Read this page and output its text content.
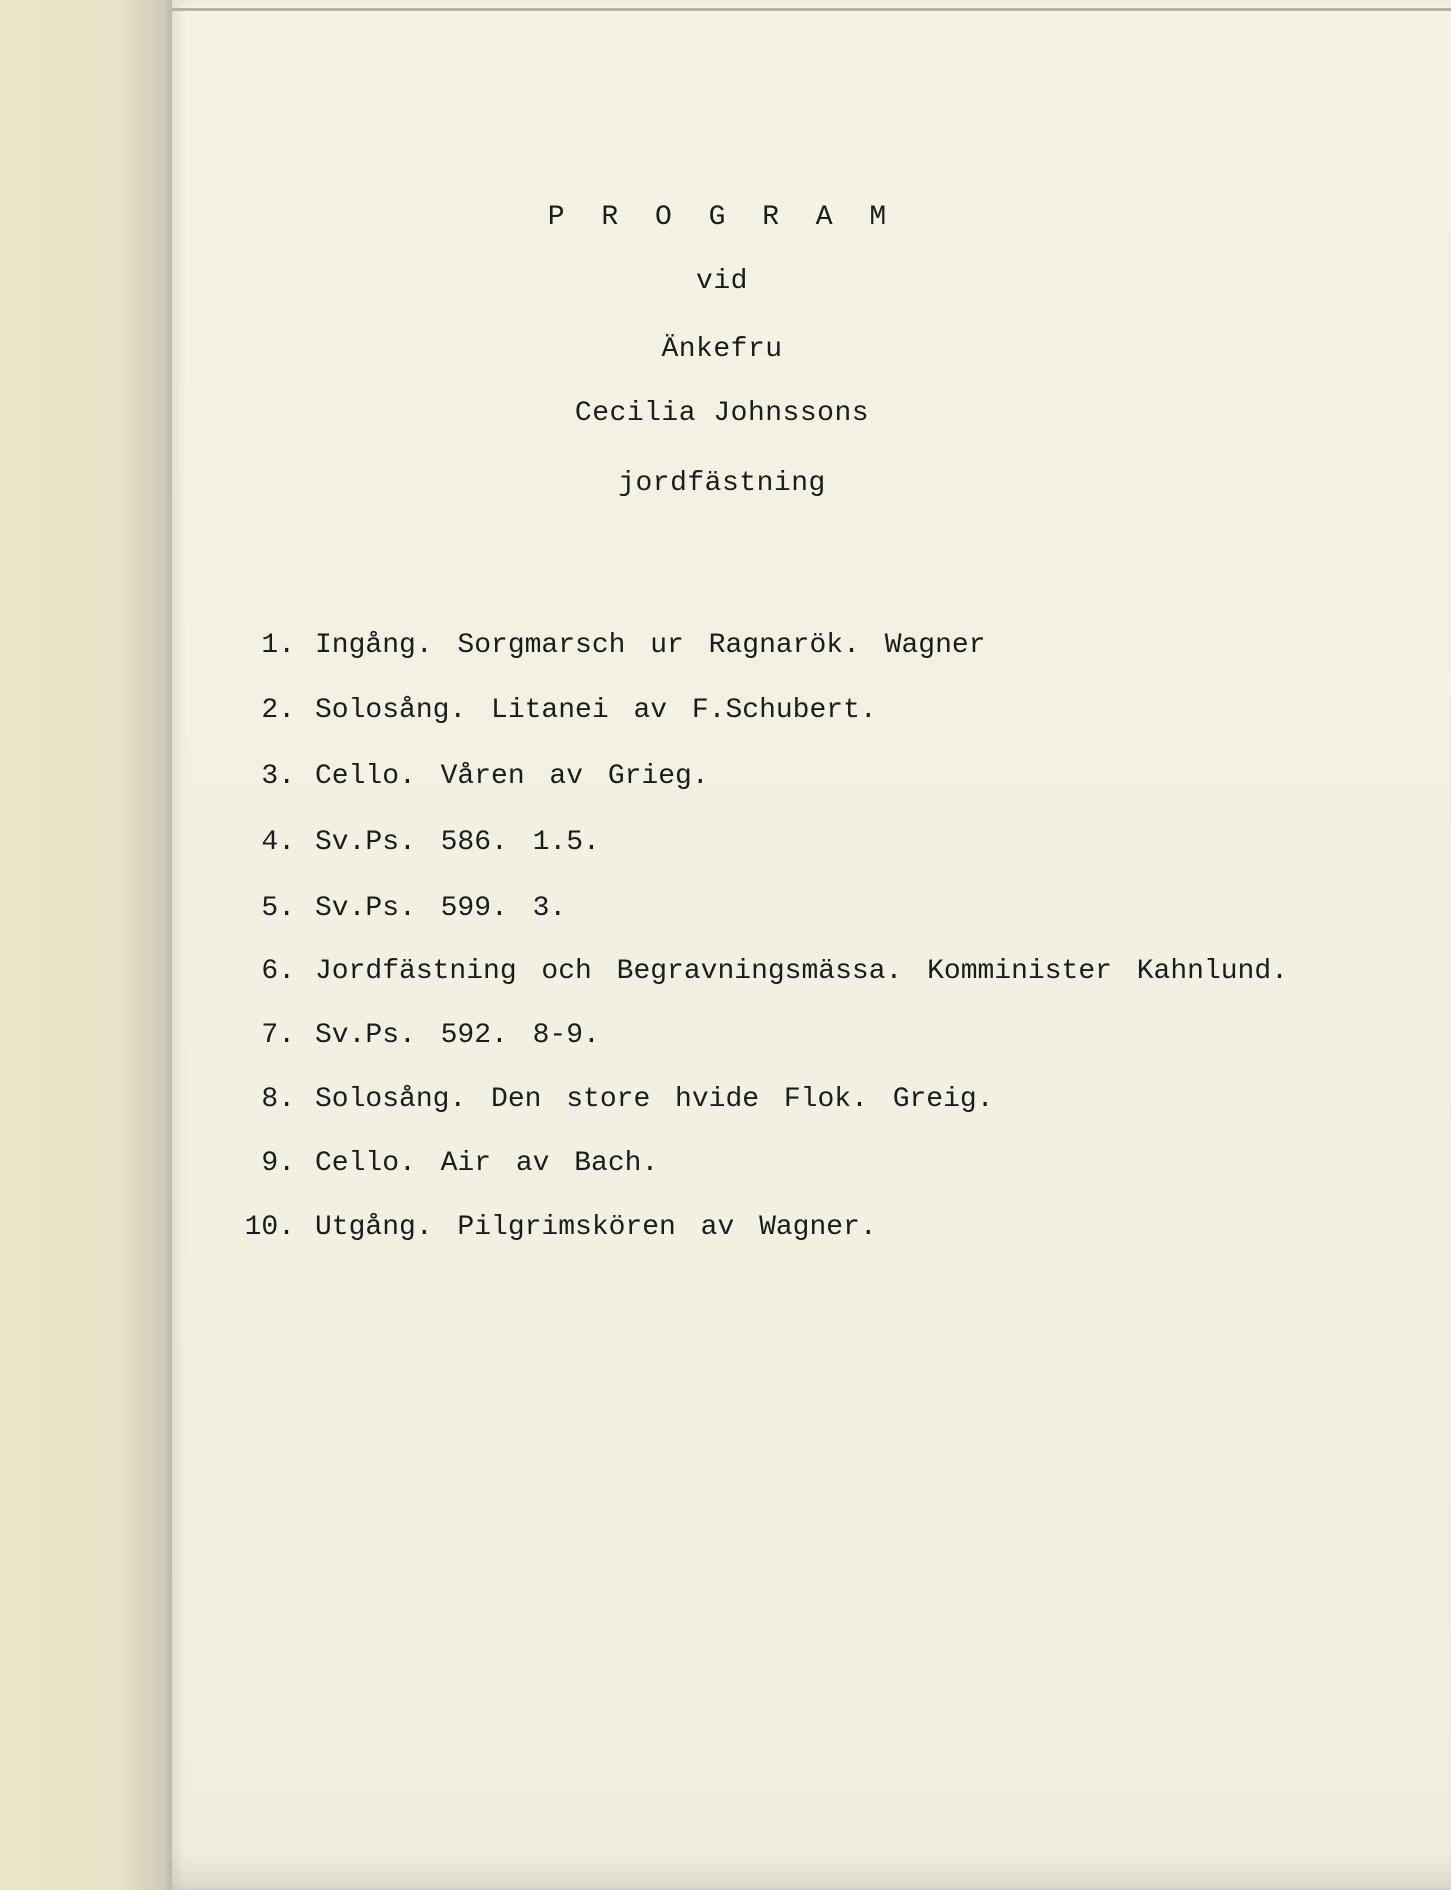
P R O G R A M
vid
Änkefru
Cecilia Johnssons
jordfästning
1. Ingång. Sorgmarsch ur Ragnarök. Wagner
2. Solosång. Litanei av F.Schubert.
3. Cello. Våren av Grieg.
4. Sv.Ps. 586. 1.5.
5. Sv.Ps. 599. 3.
6. Jordfästning och Begravningsmässa. Komminister Kahnlund.
7. Sv.Ps. 592. 8-9.
8. Solosång. Den store hvide Flok. Greig.
9. Cello. Air av Bach.
10. Utgång. Pilgrimskören av Wagner.
